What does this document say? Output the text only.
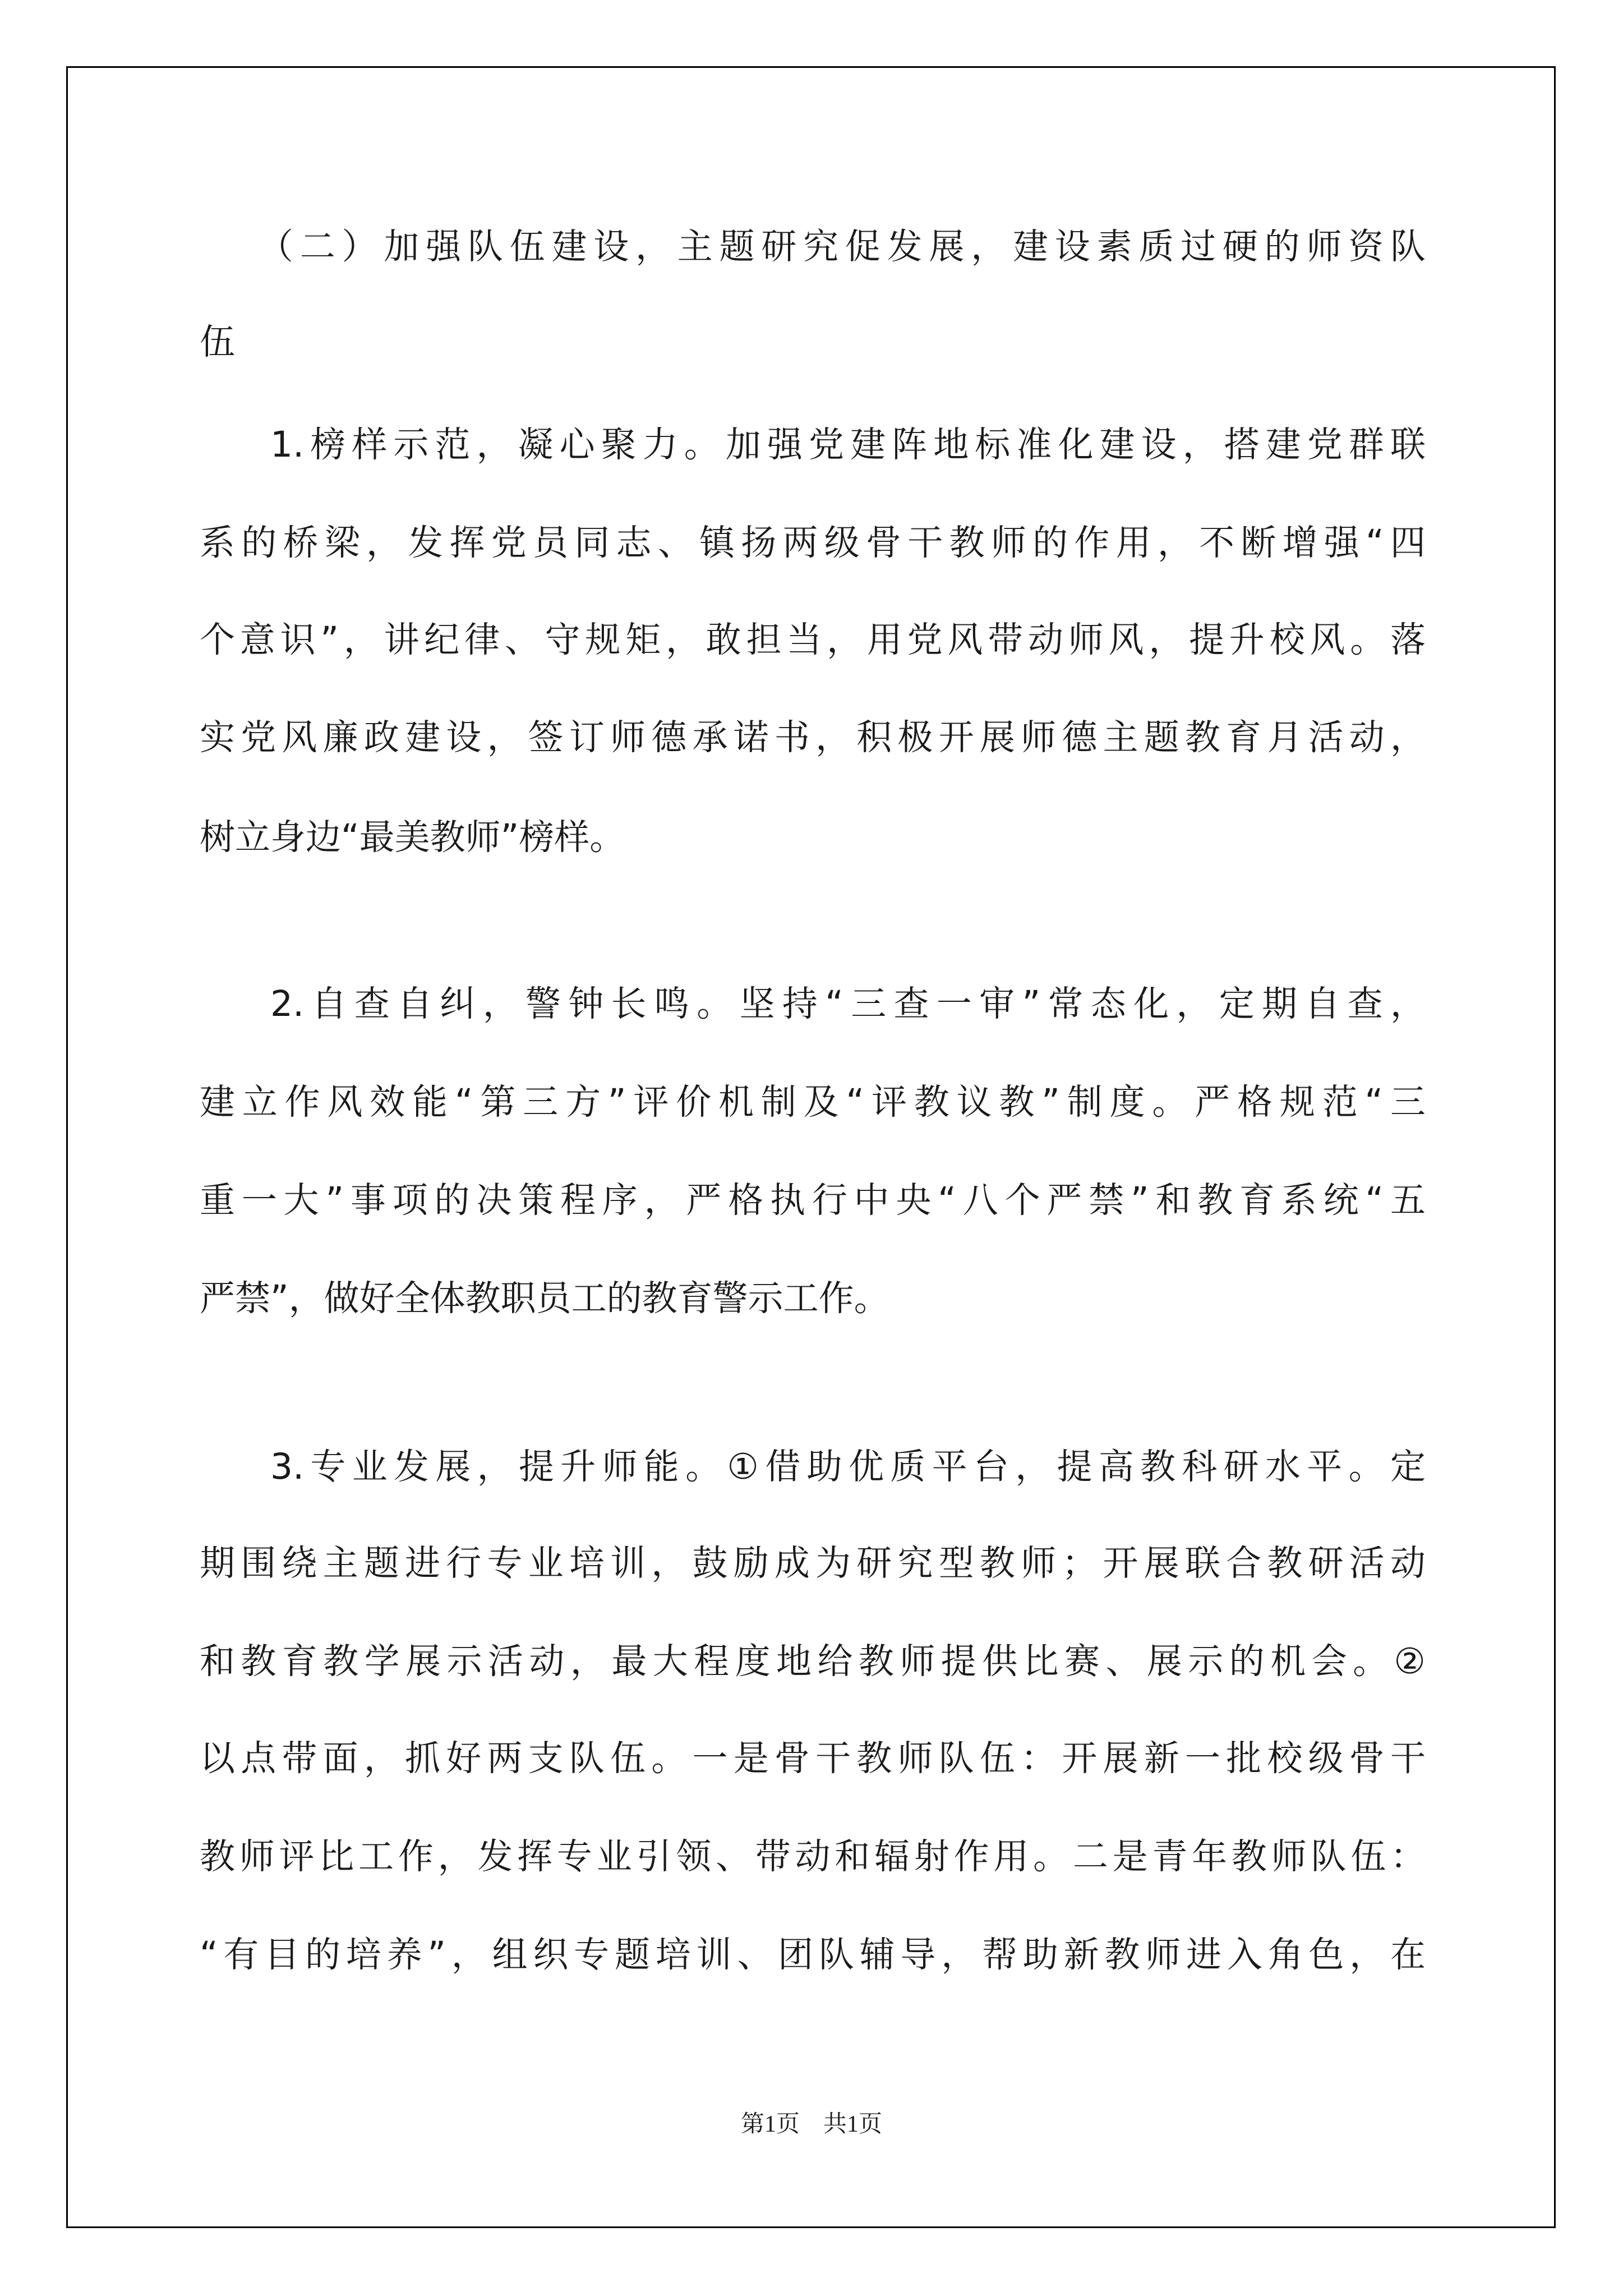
（二）加强队伍建设，主题研究促发展，建设素质过硬的师资队
伍
1.榜样示范，凝心聚力。加强党建阵地标准化建设，搭建党群联
系的桥梁，发挥党员同志、镇扬两级骨干教师的作用，不断增强“四
个意识”，讲纪律、守规矩，敢担当，用党风带动师风，提升校风。落
实党风廉政建设，签订师德承诺书，积极开展师德主题教育月活动，
树立身边“最美教师”榜样。
2.自查自纠，警钟长鸣。坚持“三查一审”常态化，定期自查，
建立作风效能“第三方”评价机制及“评教议教”制度。严格规范“三
重一大”事项的决策程序，严格执行中央“八个严禁”和教育系统“五
严禁”，做好全体教职员工的教育警示工作。
3.专业发展，提升师能。①借助优质平台，提高教科研水平。定
期围绕主题进行专业培训，鼓励成为研究型教师；开展联合教研活动
和教育教学展示活动，最大程度地给教师提供比赛、展示的机会。②
以点带面，抓好两支队伍。一是骨干教师队伍：开展新一批校级骨干
教师评比工作，发挥专业引领、带动和辐射作用。二是青年教师队伍：
“有目的培养”，组织专题培训、团队辅导，帮助新教师进入角色，在
第1页　共1页
